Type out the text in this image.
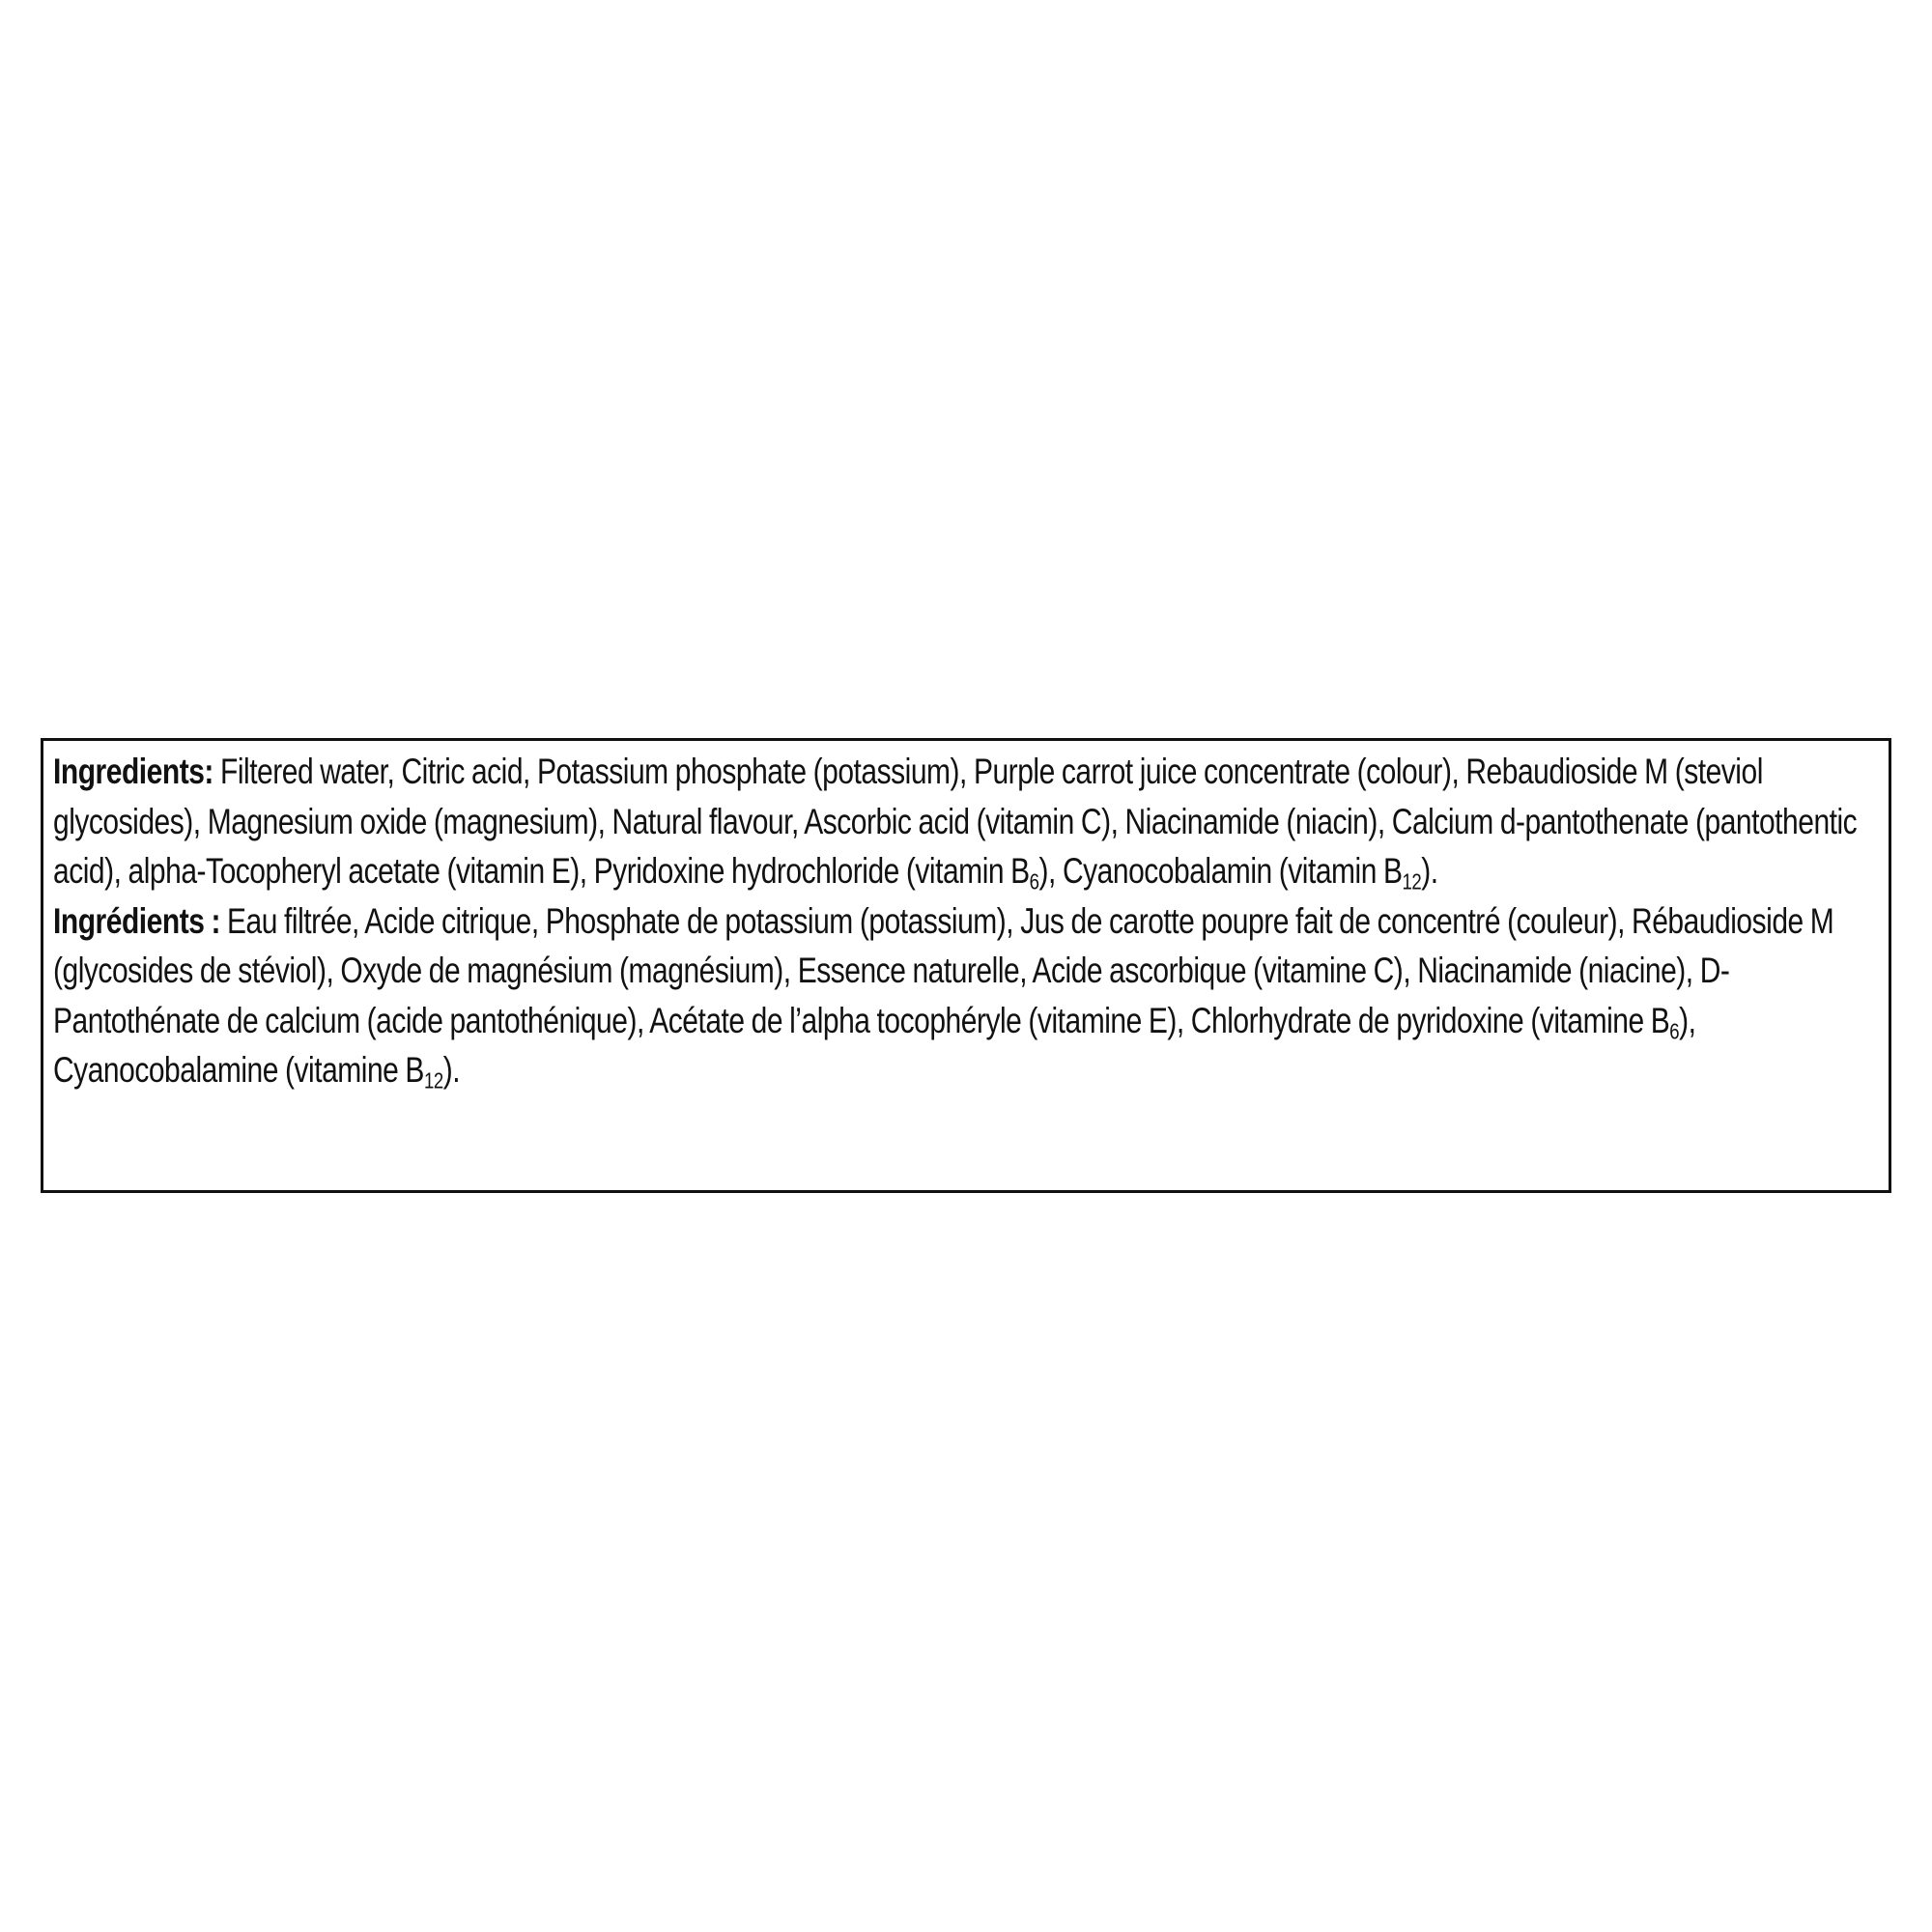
Ingredients: Filtered water, Citric acid, Potassium phosphate (potassium), Purple carrot juice concentrate (colour), Rebaudioside M (steviol glycosides), Magnesium oxide (magnesium), Natural flavour, Ascorbic acid (vitamin C), Niacinamide (niacin), Calcium d-pantothenate (pantothentic acid), alpha-Tocopheryl acetate (vitamin E), Pyridoxine hydrochloride (vitamin $B_6$), Cyanocobalamin (vitamin $B_{12}$).

Ingrédients : Eau filtrée, Acide citrique, Phosphate de potassium (potassium), Jus de carotte poupre fait de concentré (couleur), Rébaudioside M (glycosides de stéviol), Oxyde de magnésium (magnésium), Essence naturelle, Acide ascorbique (vitamine C), Niacinamide (niacine), D-Pantothénate de calcium (acide pantothénique), Acétate de l’alpha tocophéryle (vitamine E), Chlorhydrate de pyridoxine (vitamine $B_6$), Cyanocobalamine (vitamine $B_{12}$).
